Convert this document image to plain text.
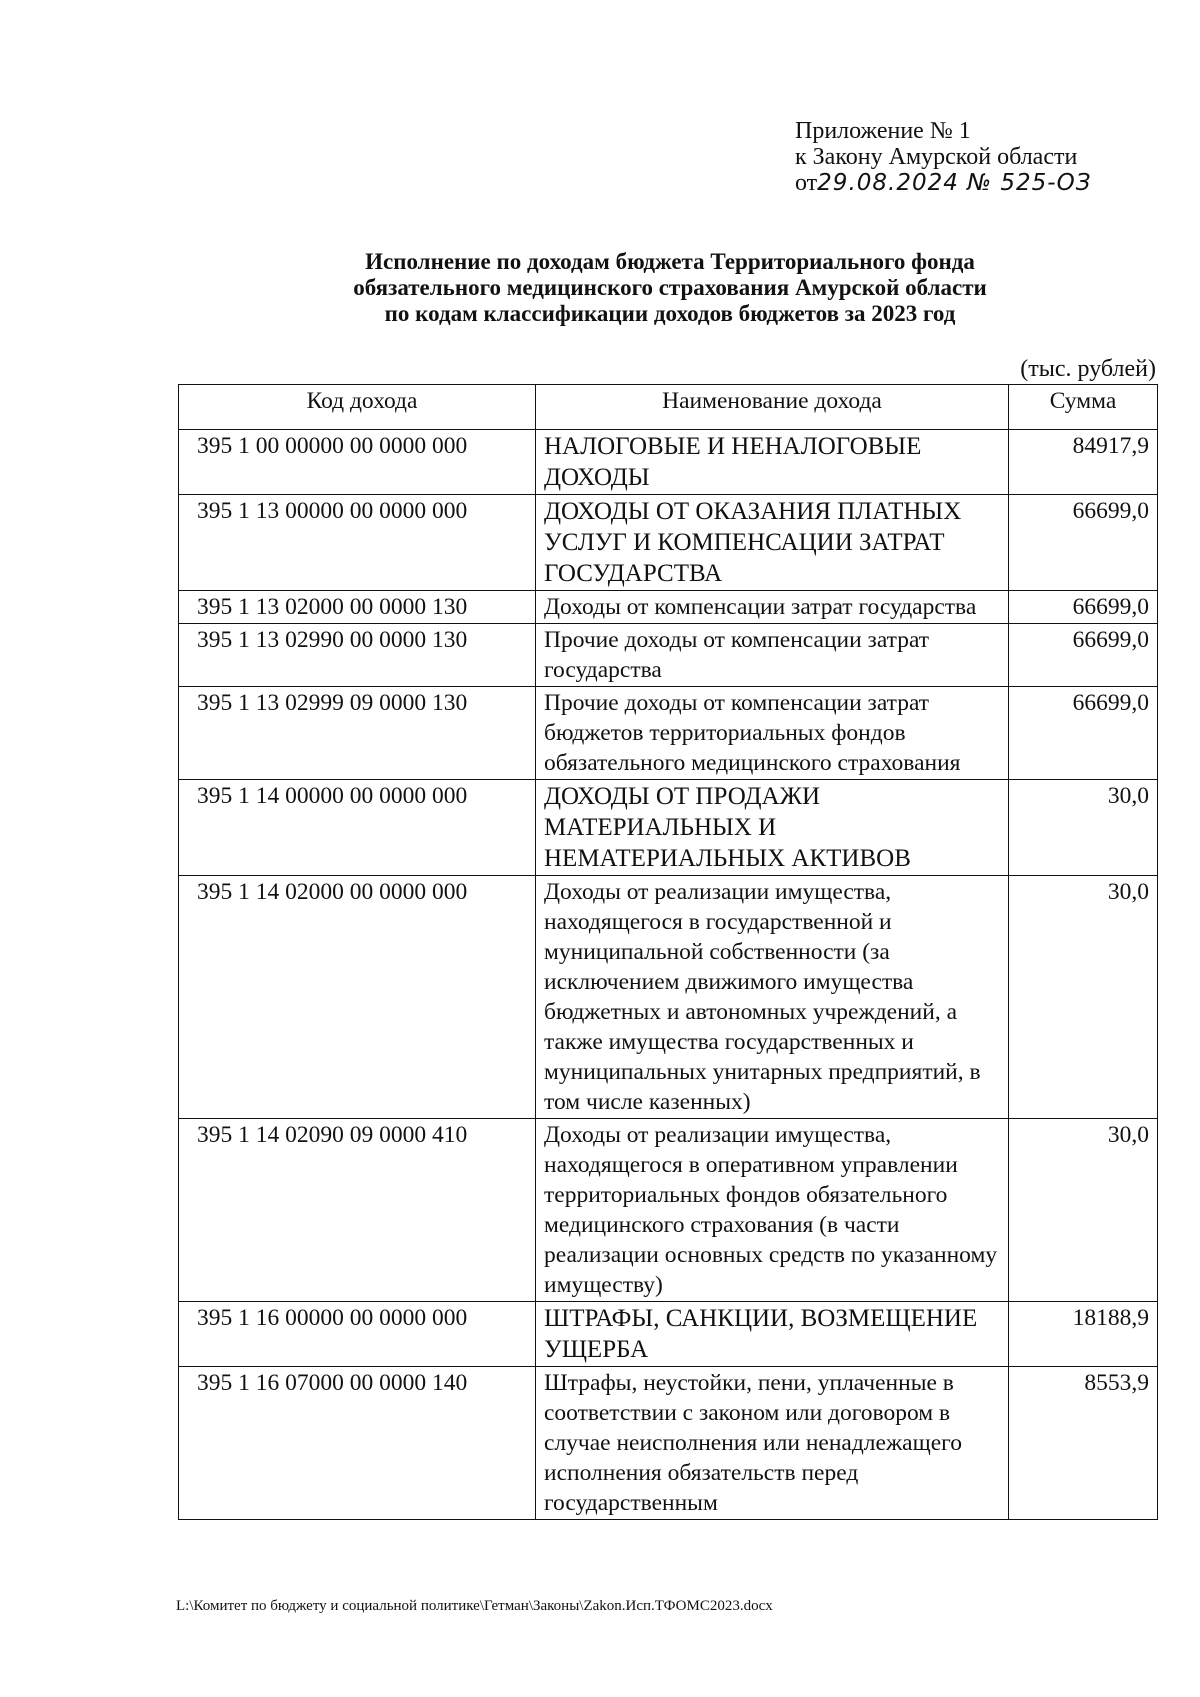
Приложение № 1
к Закону Амурской области
от29.08.2024 № 525-ОЗ
Исполнение по доходам бюджета Территориального фонда
обязательного медицинского страхования Амурской области
по кодам классификации доходов бюджетов за 2023 год
(тыс. рублей)
Код дохода	Наименование дохода	Сумма
395 1 00 00000 00 0000 000	НАЛОГОВЫЕ И НЕНАЛОГОВЫЕ ДОХОДЫ	84917,9
395 1 13 00000 00 0000 000	ДОХОДЫ ОТ ОКАЗАНИЯ ПЛАТНЫХ УСЛУГ И КОМПЕНСАЦИИ ЗАТРАТ ГОСУДАРСТВА	66699,0
395 1 13 02000 00 0000 130	Доходы от компенсации затрат государства	66699,0
395 1 13 02990 00 0000 130	Прочие доходы от компенсации затрат государства	66699,0
395 1 13 02999 09 0000 130	Прочие доходы от компенсации затрат бюджетов территориальных фондов обязательного медицинского страхования	66699,0
395 1 14 00000 00 0000 000	ДОХОДЫ ОТ ПРОДАЖИ МАТЕРИАЛЬНЫХ И НЕМАТЕРИАЛЬНЫХ АКТИВОВ	30,0
395 1 14 02000 00 0000 000	Доходы от реализации имущества, находящегося в государственной и муниципальной собственности (за исключением движимого имущества бюджетных и автономных учреждений, а также имущества государственных и муниципальных унитарных предприятий, в том числе казенных)	30,0
395 1 14 02090 09 0000 410	Доходы от реализации имущества, находящегося в оперативном управлении территориальных фондов обязательного медицинского страхования (в части реализации основных средств по указанному имуществу)	30,0
395 1 16 00000 00 0000 000	ШТРАФЫ, САНКЦИИ, ВОЗМЕЩЕНИЕ УЩЕРБА	18188,9
395 1 16 07000 00 0000 140	Штрафы, неустойки, пени, уплаченные в соответствии с законом или договором в случае неисполнения или ненадлежащего исполнения обязательств перед государственным	8553,9
L:\Комитет по бюджету и социальной политике\Гетман\Законы\Zakon.Исп.ТФОМС2023.docx
